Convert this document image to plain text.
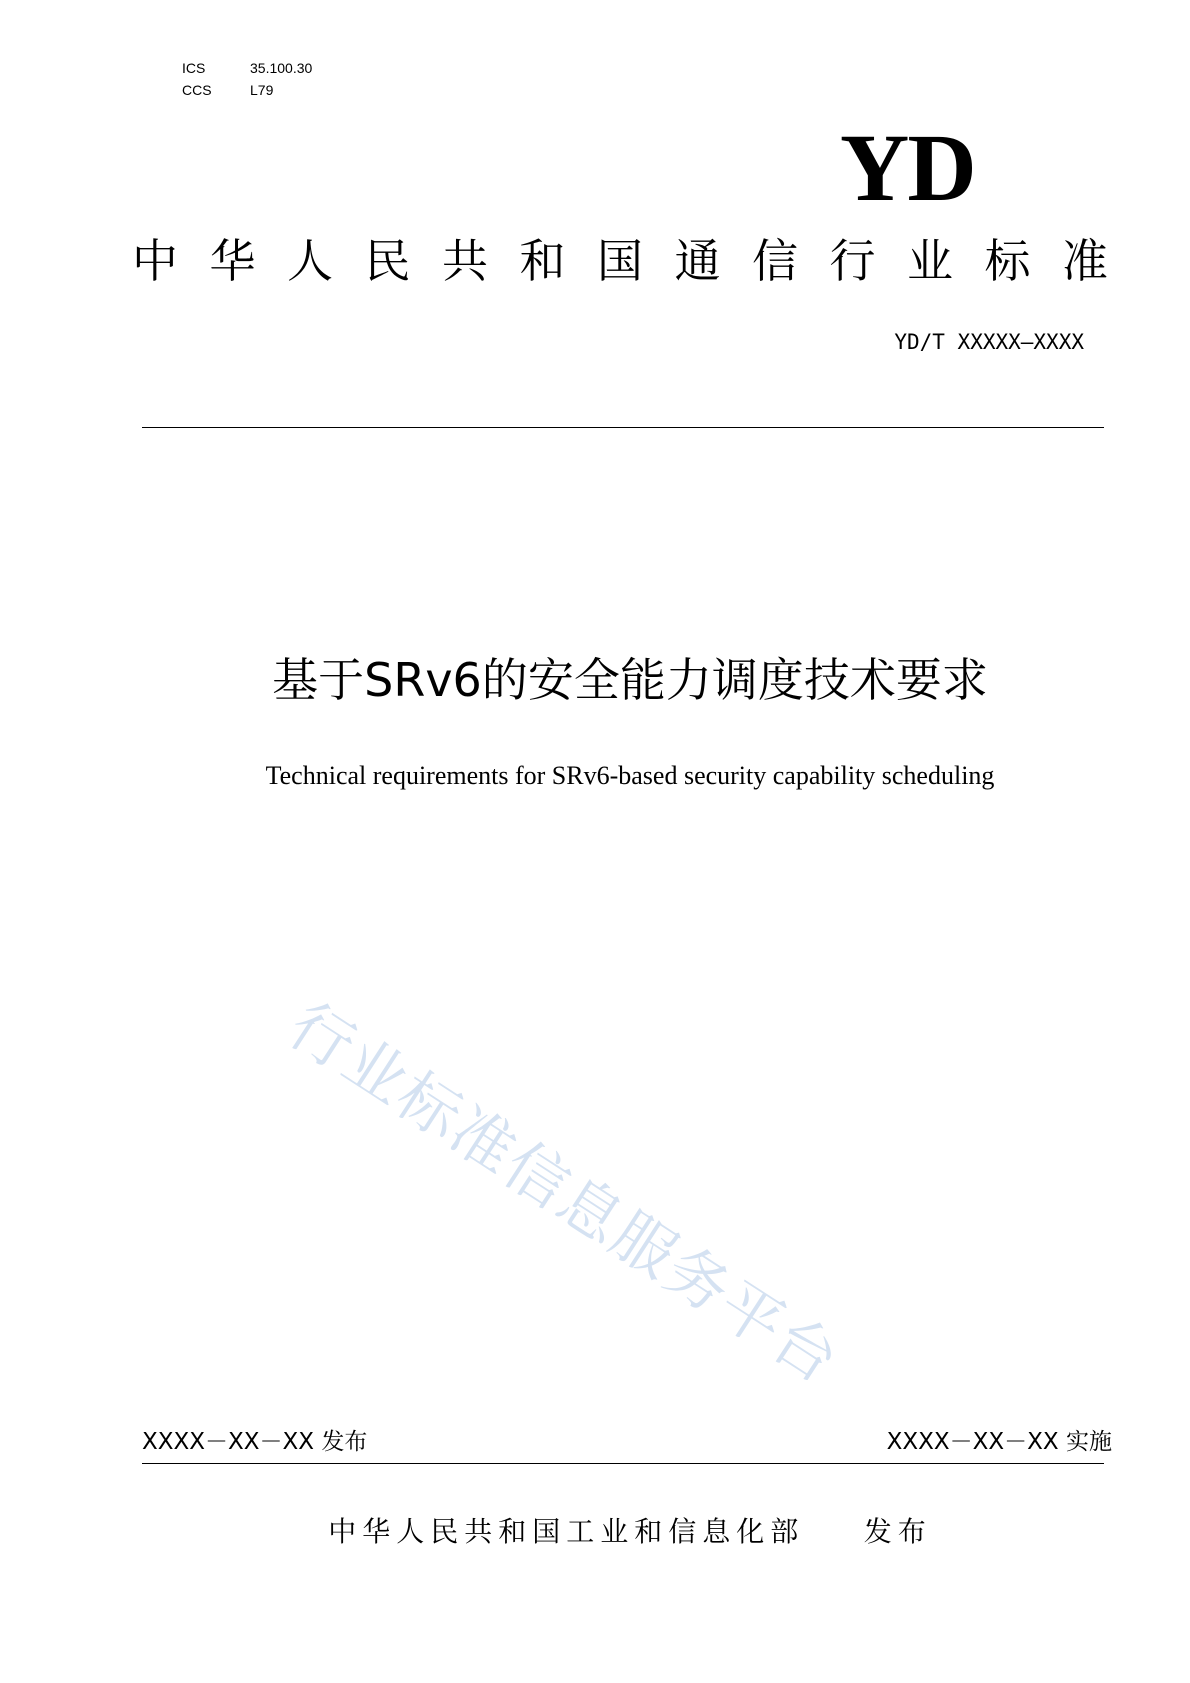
ICS	35.100.30
CCS	L79
YD
中华人民共和国通信行业标准
YD/T XXXXX—XXXX
基于SRv6的安全能力调度技术要求
Technical requirements for SRv6-based security capability scheduling
行业标准信息服务平台
XXXX－XX－XX 发布	XXXX－XX－XX 实施
中华人民共和国工业和信息化部    发布
